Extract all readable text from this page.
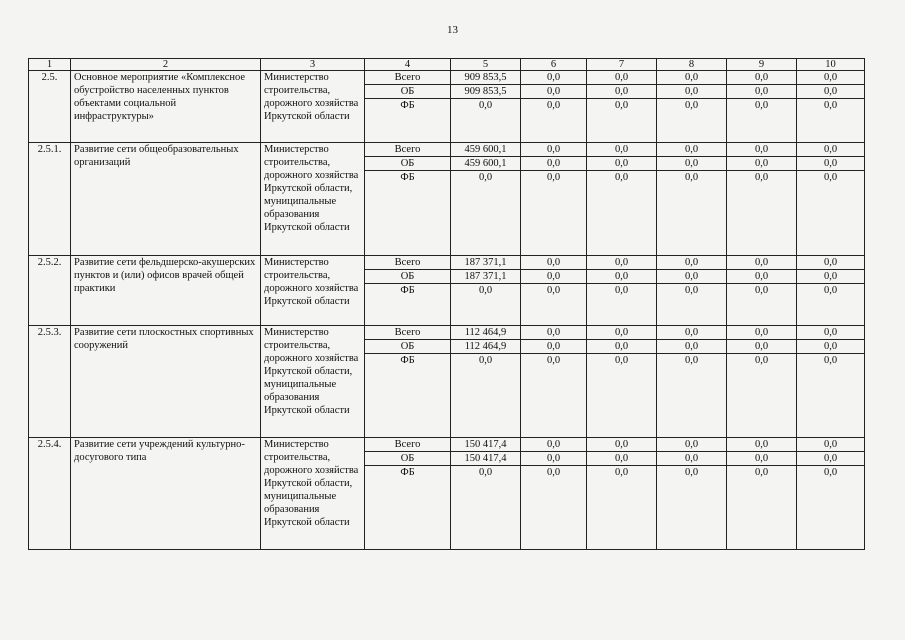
13
1	2	3	4	5	6	7	8	9	10
2.5.	Основное мероприятие «Комплексное обустройство населенных пунктов объектами социальной инфраструктуры»	Министерство строительства, дорожного хозяйства Иркутской области	Всего	909 853,5	0,0	0,0	0,0	0,0	0,0
			ОБ	909 853,5	0,0	0,0	0,0	0,0	0,0
			ФБ	0,0	0,0	0,0	0,0	0,0	0,0
2.5.1.	Развитие сети общеобразовательных организаций	Министерство строительства, дорожного хозяйства Иркутской области, муниципальные образования Иркутской области	Всего	459 600,1	0,0	0,0	0,0	0,0	0,0
			ОБ	459 600,1	0,0	0,0	0,0	0,0	0,0
			ФБ	0,0	0,0	0,0	0,0	0,0	0,0
2.5.2.	Развитие сети фельдшерско-акушерских пунктов и (или) офисов врачей общей практики	Министерство строительства, дорожного хозяйства Иркутской области	Всего	187 371,1	0,0	0,0	0,0	0,0	0,0
			ОБ	187 371,1	0,0	0,0	0,0	0,0	0,0
			ФБ	0,0	0,0	0,0	0,0	0,0	0,0
2.5.3.	Развитие сети плоскостных спортивных сооружений	Министерство строительства, дорожного хозяйства Иркутской области, муниципальные образования Иркутской области	Всего	112 464,9	0,0	0,0	0,0	0,0	0,0
			ОБ	112 464,9	0,0	0,0	0,0	0,0	0,0
			ФБ	0,0	0,0	0,0	0,0	0,0	0,0
2.5.4.	Развитие сети учреждений культурно-досугового типа	Министерство строительства, дорожного хозяйства Иркутской области, муниципальные образования Иркутской области	Всего	150 417,4	0,0	0,0	0,0	0,0	0,0
			ОБ	150 417,4	0,0	0,0	0,0	0,0	0,0
			ФБ	0,0	0,0	0,0	0,0	0,0	0,0
